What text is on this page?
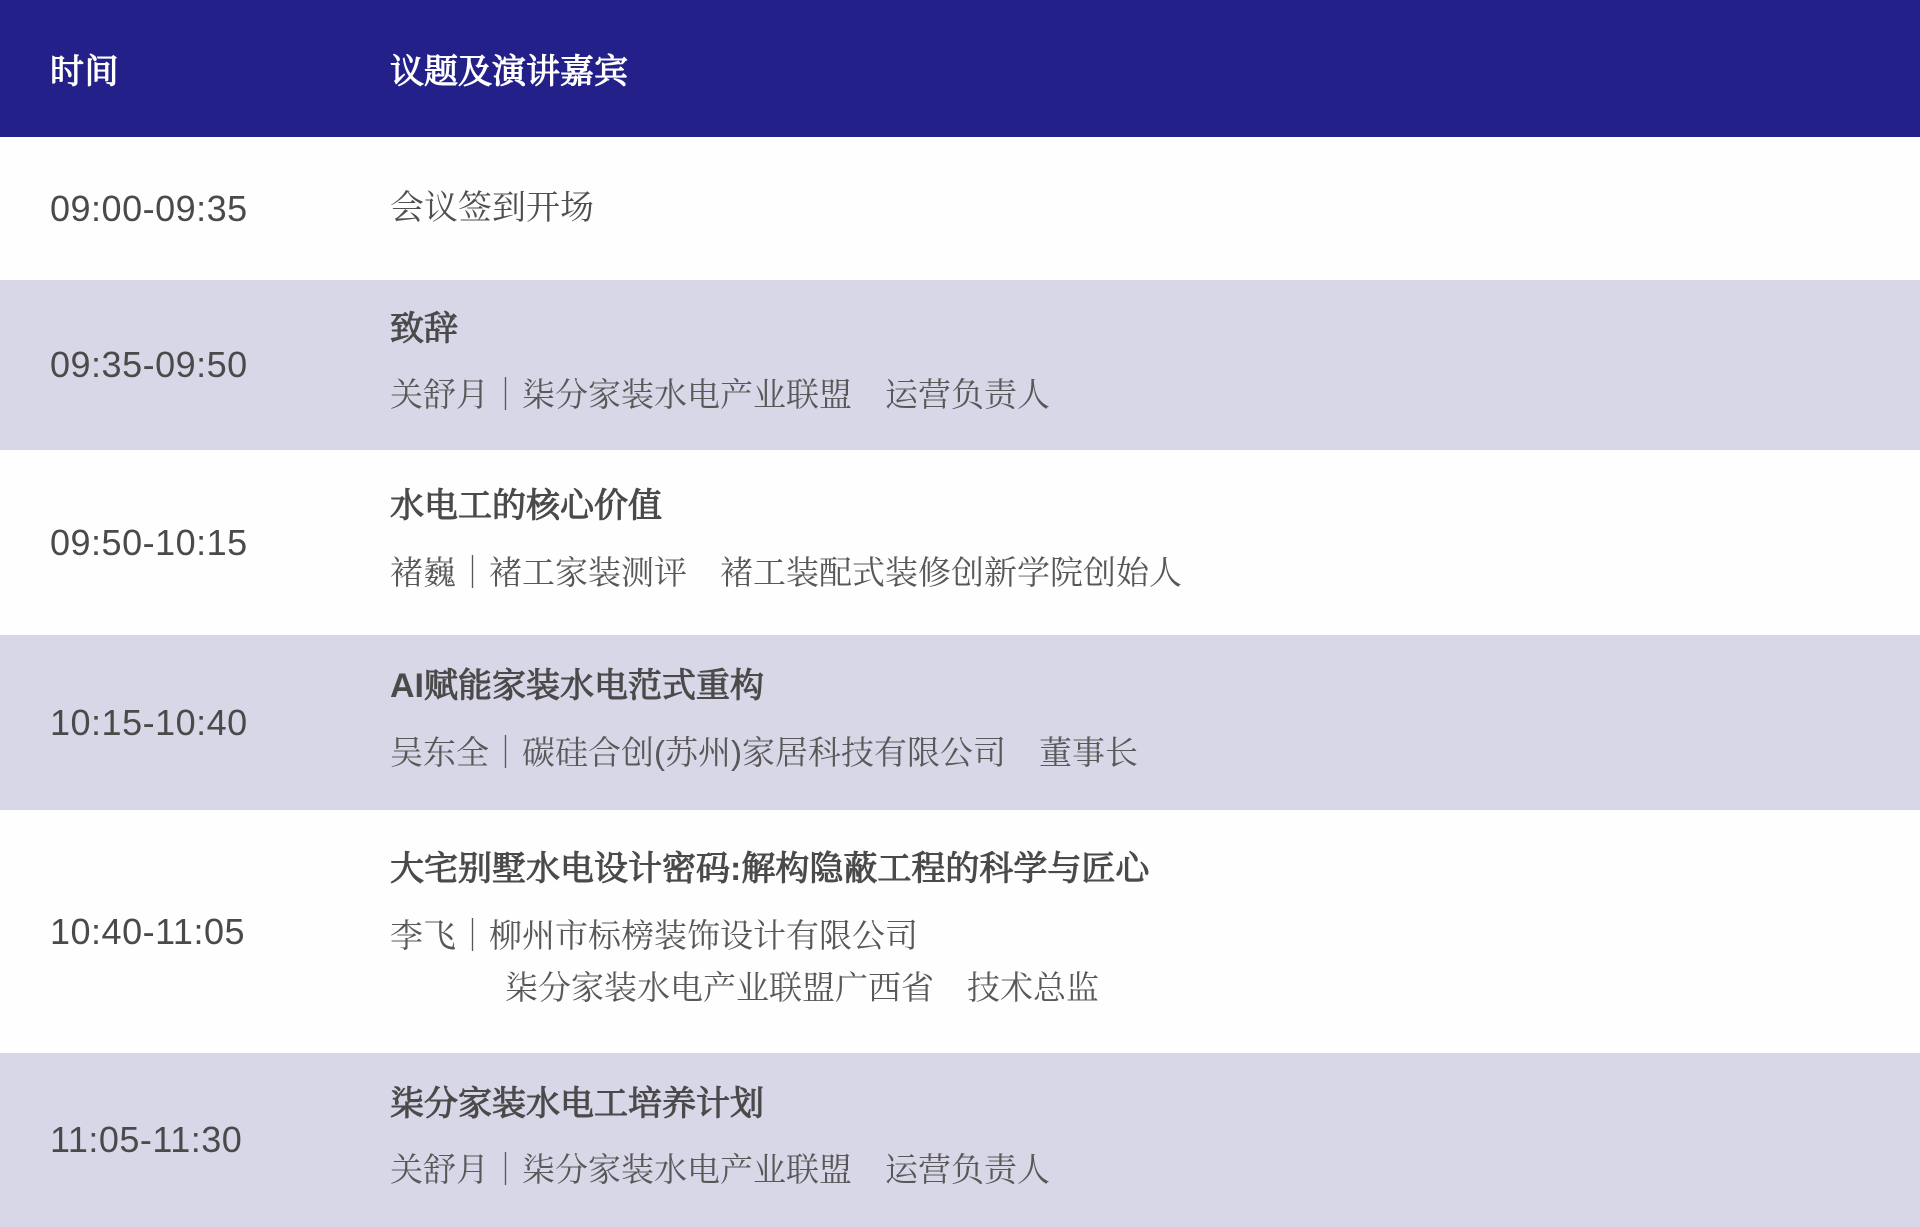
时间	议题及演讲嘉宾
09:00-09:35	会议签到开场
09:35-09:50
致辞
关舒月｜柒分家装水电产业联盟　运营负责人
09:50-10:15
水电工的核心价值
褚巍｜褚工家装测评　褚工装配式装修创新学院创始人
10:15-10:40
AI赋能家装水电范式重构
吴东全｜碳硅合创(苏州)家居科技有限公司　董事长
10:40-11:05
大宅别墅水电设计密码:解构隐蔽工程的科学与匠心
李飞｜柳州市标榜装饰设计有限公司
柒分家装水电产业联盟广西省　技术总监
11:05-11:30
柒分家装水电工培养计划
关舒月｜柒分家装水电产业联盟　运营负责人
